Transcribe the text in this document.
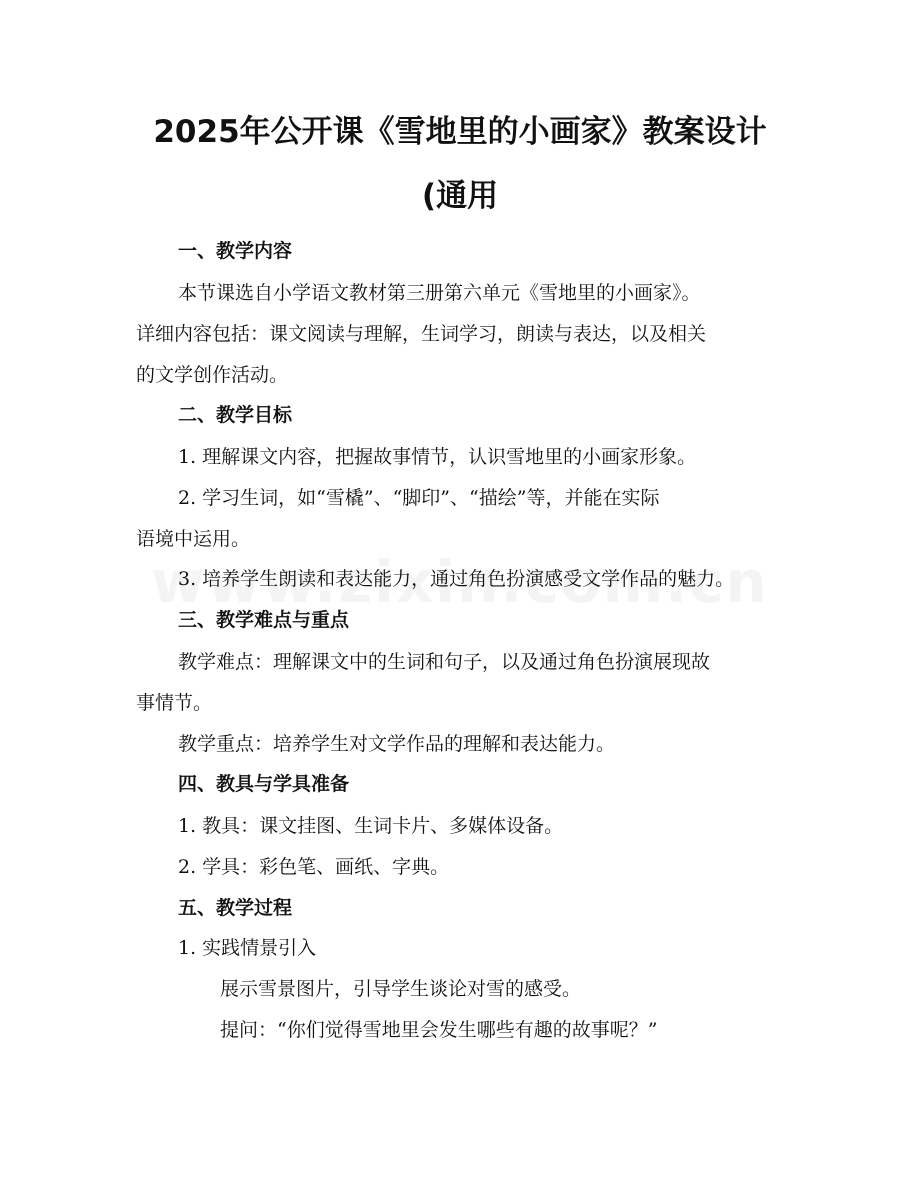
2025年公开课《雪地里的小画家》教案设计
(通用
一、教学内容
本节课选自小学语文教材第三册第六单元《雪地里的小画家》。
详细内容包括：课文阅读与理解，生词学习，朗读与表达，以及相关
的文学创作活动。
二、教学目标
1. 理解课文内容，把握故事情节，认识雪地里的小画家形象。
2. 学习生词，如“雪橇”、“脚印”、“描绘”等，并能在实际
语境中运用。
3. 培养学生朗读和表达能力，通过角色扮演感受文学作品的魅力。
三、教学难点与重点
教学难点：理解课文中的生词和句子，以及通过角色扮演展现故
事情节。
教学重点：培养学生对文学作品的理解和表达能力。
四、教具与学具准备
1. 教具：课文挂图、生词卡片、多媒体设备。
2. 学具：彩色笔、画纸、字典。
五、教学过程
1. 实践情景引入
展示雪景图片，引导学生谈论对雪的感受。
提问：“你们觉得雪地里会发生哪些有趣的故事呢？”
